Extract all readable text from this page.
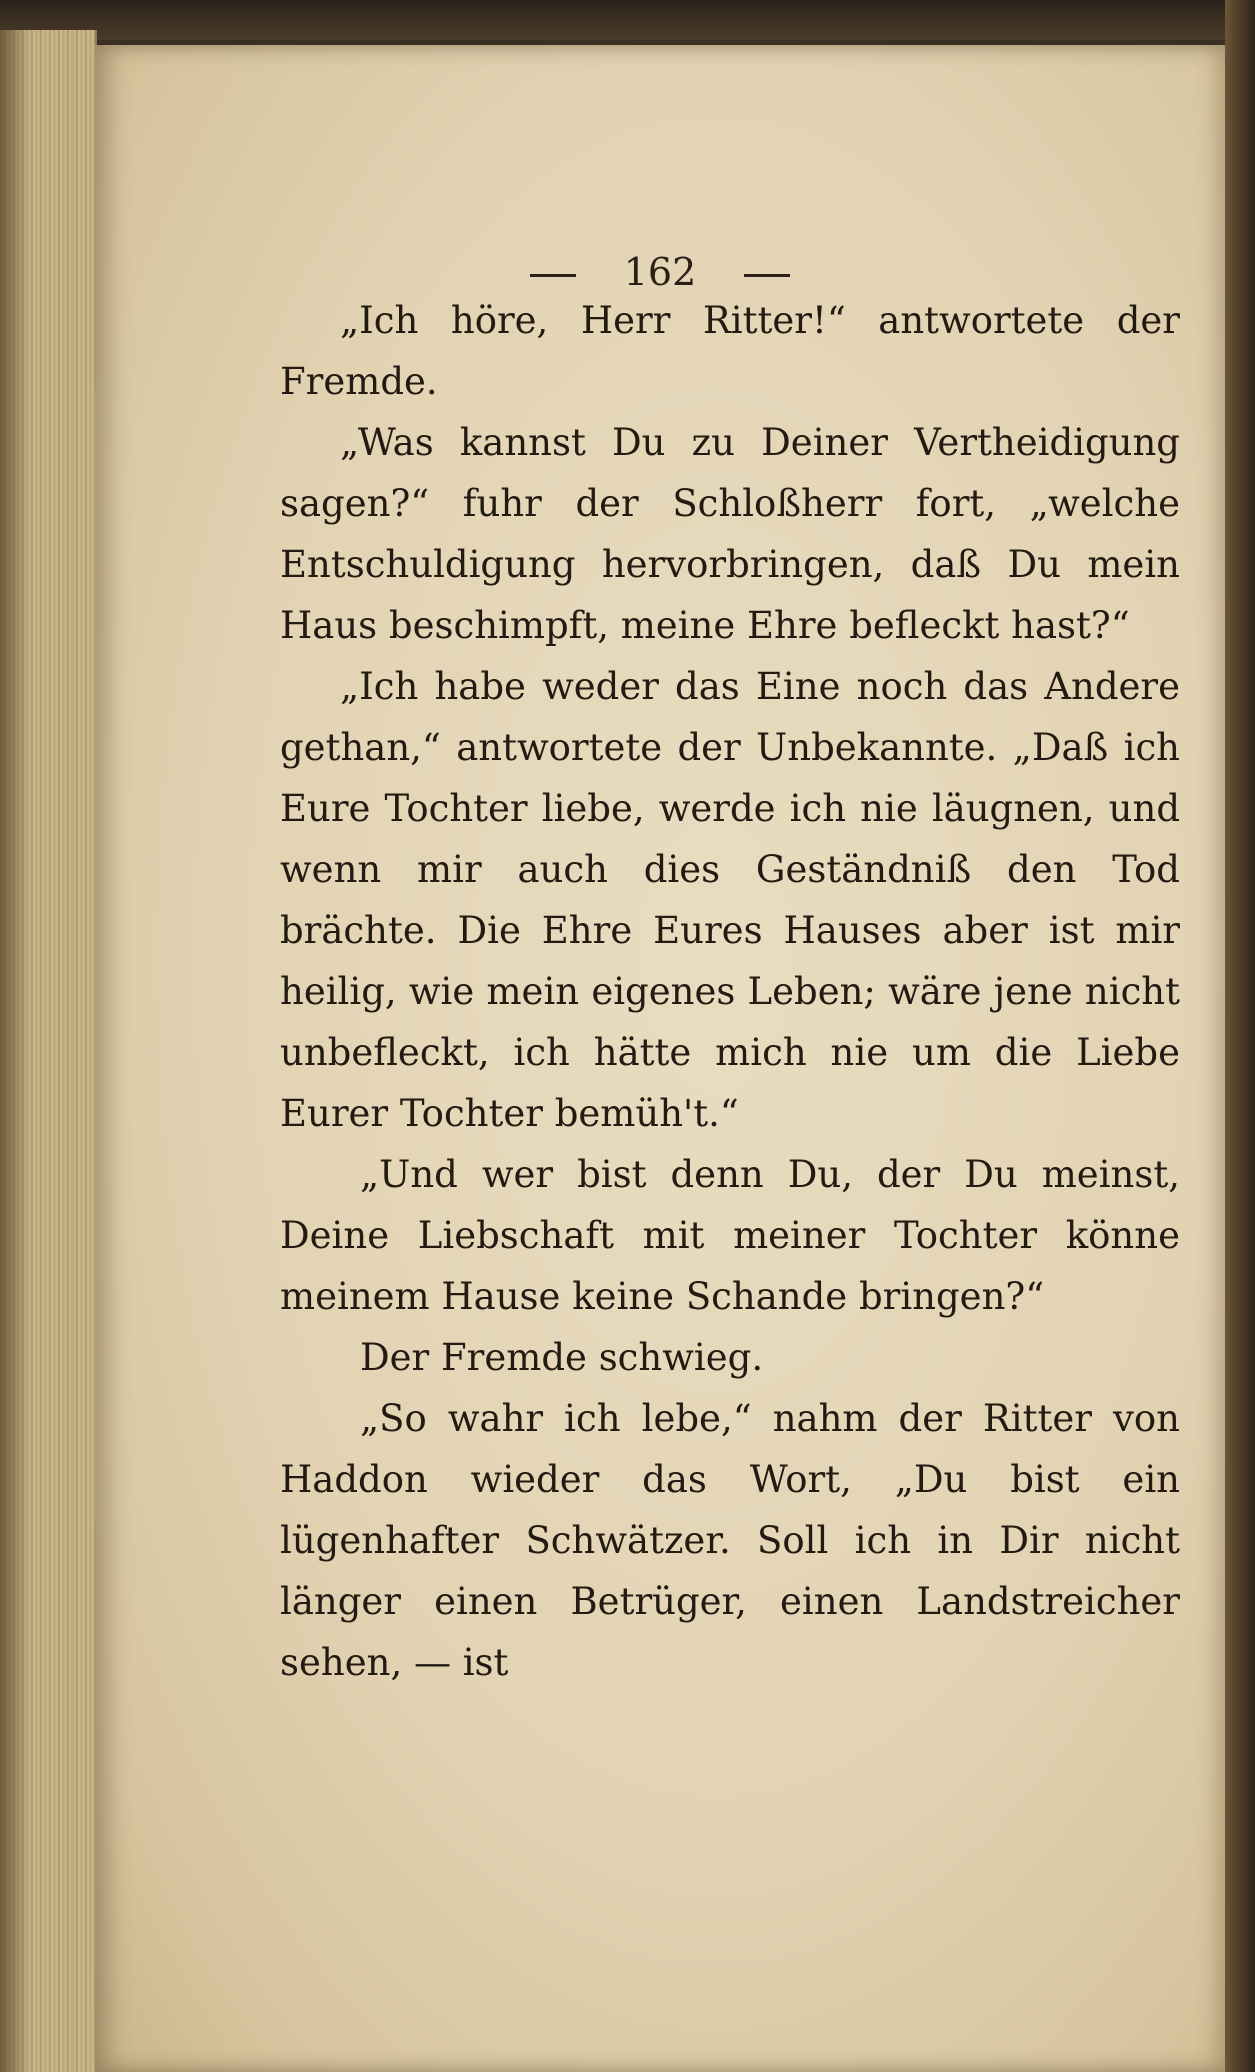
162

„Ich höre, Herr Ritter!“ antwortete der Fremde.

„Was kannst Du zu Deiner Vertheidigung sagen?“ fuhr der Schloßherr fort, „welche Entschuldigung hervorbringen, daß Du mein Haus beschimpft, meine Ehre befleckt hast?“

„Ich habe weder das Eine noch das Andere gethan,“ antwortete der Unbekannte. „Daß ich Eure Tochter liebe, werde ich nie läugnen, und wenn mir auch dies Geständniß den Tod brächte. Die Ehre Eures Hauses aber ist mir heilig, wie mein eigenes Leben; wäre jene nicht unbefleckt, ich hätte mich nie um die Liebe Eurer Tochter bemüh't.“

„Und wer bist denn Du, der Du meinst, Deine Liebschaft mit meiner Tochter könne meinem Hause keine Schande bringen?“

Der Fremde schwieg.

„So wahr ich lebe,“ nahm der Ritter von Haddon wieder das Wort, „Du bist ein lügenhafter Schwätzer. Soll ich in Dir nicht länger einen Betrüger, einen Landstreicher sehen, — ist
